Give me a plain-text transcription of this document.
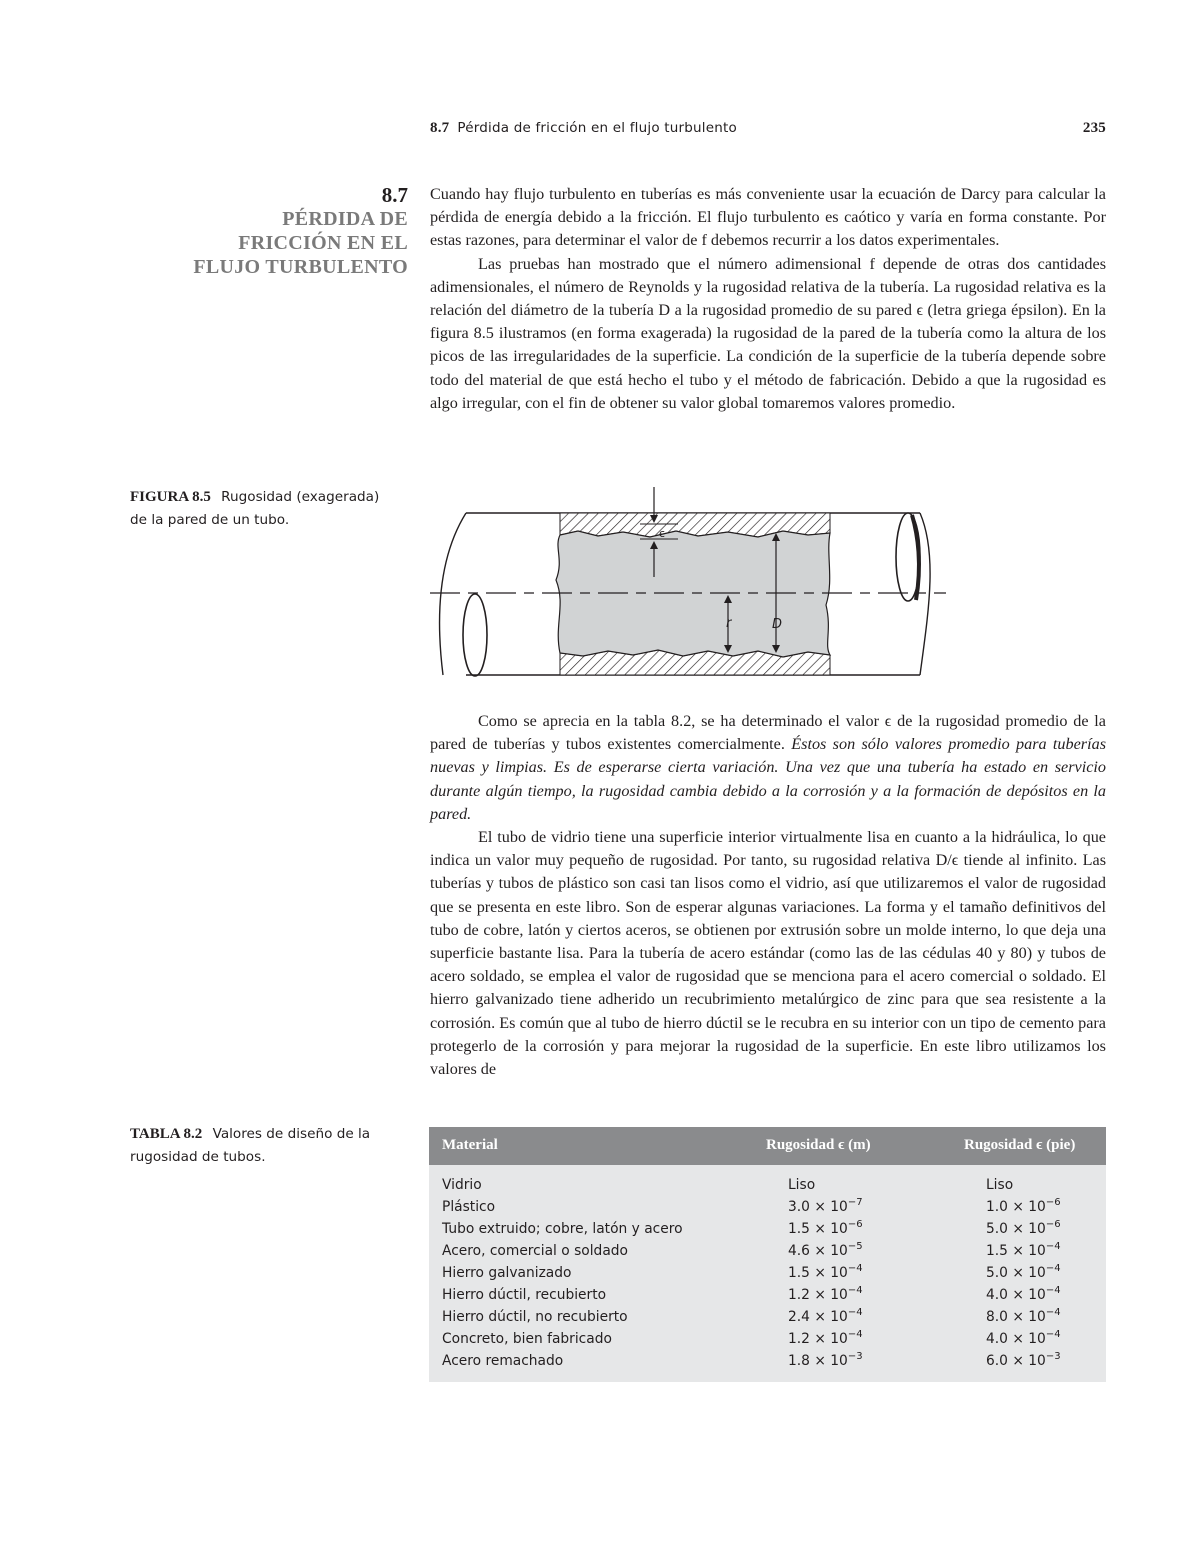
8.7 Pérdida de fricción en el flujo turbulento	235
8.7
PÉRDIDA DE
FRICCIÓN EN EL
FLUJO TURBULENTO

Cuando hay flujo turbulento en tuberías es más conveniente usar la ecuación de Darcy para calcular la pérdida de energía debido a la fricción. El flujo turbulento es caótico y varía en forma constante. Por estas razones, para determinar el valor de f debemos recurrir a los datos experimentales.

Las pruebas han mostrado que el número adimensional f depende de otras dos cantidades adimensionales, el número de Reynolds y la rugosidad relativa de la tubería. La rugosidad relativa es la relación del diámetro de la tubería D a la rugosidad promedio de su pared ϵ (letra griega épsilon). En la figura 8.5 ilustramos (en forma exagerada) la rugosidad de la pared de la tubería como la altura de los picos de las irregularidades de la superficie. La condición de la superficie de la tubería depende sobre todo del material de que está hecho el tubo y el método de fabricación. Debido a que la rugosidad es algo irregular, con el fin de obtener su valor global tomaremos valores promedio.

FIGURA 8.5 Rugosidad (exagerada) de la pared de un tubo.
ϵ
r	D

Como se aprecia en la tabla 8.2, se ha determinado el valor ϵ de la rugosidad promedio de la pared de tuberías y tubos existentes comercialmente. Éstos son sólo valores promedio para tuberías nuevas y limpias. Es de esperarse cierta variación. Una vez que una tubería ha estado en servicio durante algún tiempo, la rugosidad cambia debido a la corrosión y a la formación de depósitos en la pared.

El tubo de vidrio tiene una superficie interior virtualmente lisa en cuanto a la hidráulica, lo que indica un valor muy pequeño de rugosidad. Por tanto, su rugosidad relativa D/ϵ tiende al infinito. Las tuberías y tubos de plástico son casi tan lisos como el vidrio, así que utilizaremos el valor de rugosidad que se presenta en este libro. Son de esperar algunas variaciones. La forma y el tamaño definitivos del tubo de cobre, latón y ciertos aceros, se obtienen por extrusión sobre un molde interno, lo que deja una superficie bastante lisa. Para la tubería de acero estándar (como las de las cédulas 40 y 80) y tubos de acero soldado, se emplea el valor de rugosidad que se menciona para el acero comercial o soldado. El hierro galvanizado tiene adherido un recubrimiento metalúrgico de zinc para que sea resistente a la corrosión. Es común que al tubo de hierro dúctil se le recubra en su interior con un tipo de cemento para protegerlo de la corrosión y para mejorar la rugosidad de la superficie. En este libro utilizamos los valores de

TABLA 8.2 Valores de diseño de la rugosidad de tubos.
Material	Rugosidad ϵ (m)	Rugosidad ϵ (pie)
Vidrio	Liso	Liso
Plástico	$3.0 \times 10^{-7}$	$1.0 \times 10^{-6}$
Tubo extruido; cobre, latón y acero	$1.5 \times 10^{-6}$	$5.0 \times 10^{-6}$
Acero, comercial o soldado	$4.6 \times 10^{-5}$	$1.5 \times 10^{-4}$
Hierro galvanizado	$1.5 \times 10^{-4}$	$5.0 \times 10^{-4}$
Hierro dúctil, recubierto	$1.2 \times 10^{-4}$	$4.0 \times 10^{-4}$
Hierro dúctil, no recubierto	$2.4 \times 10^{-4}$	$8.0 \times 10^{-4}$
Concreto, bien fabricado	$1.2 \times 10^{-4}$	$4.0 \times 10^{-4}$
Acero remachado	$1.8 \times 10^{-3}$	$6.0 \times 10^{-3}$
